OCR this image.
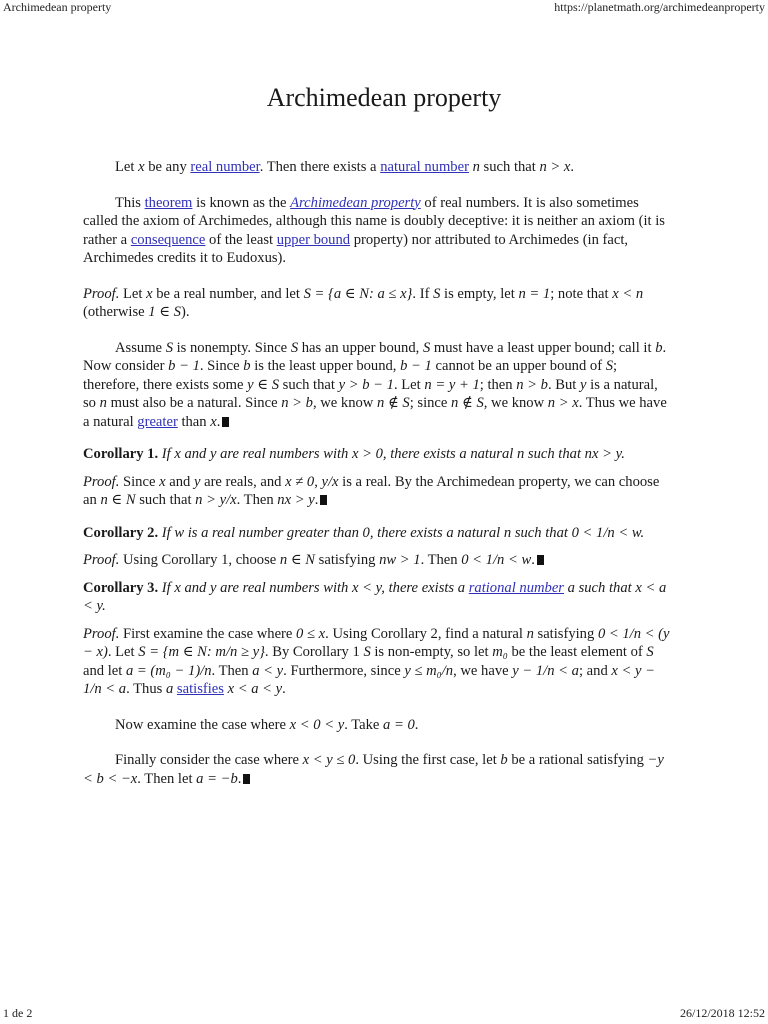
Archimedean property	https://planetmath.org/archimedeanproperty
Archimedean property

Let x be any real number. Then there exists a natural number n such that n > x.

This theorem is known as the Archimedean property of real numbers. It is also sometimes called the axiom of Archimedes, although this name is doubly deceptive: it is neither an axiom (it is rather a consequence of the least upper bound property) nor attributed to Archimedes (in fact, Archimedes credits it to Eudoxus).

Proof. Let x be a real number, and let S = {a ∈ N: a ≤ x}. If S is empty, let n = 1; note that x < n (otherwise 1 ∈ S).

Assume S is nonempty. Since S has an upper bound, S must have a least upper bound; call it b. Now consider b − 1. Since b is the least upper bound, b − 1 cannot be an upper bound of S; therefore, there exists some y ∈ S such that y > b − 1. Let n = y + 1; then n > b. But y is a natural, so n must also be a natural. Since n > b, we know n ∉ S; since n ∉ S, we know n > x. Thus we have a natural greater than x.

Corollary 1. If x and y are real numbers with x > 0, there exists a natural n such that nx > y.

Proof. Since x and y are reals, and x ≠ 0, y/x is a real. By the Archimedean property, we can choose an n ∈ N such that n > y/x. Then nx > y.

Corollary 2. If w is a real number greater than 0, there exists a natural n such that 0 < 1/n < w.

Proof. Using Corollary 1, choose n ∈ N satisfying nw > 1. Then 0 < 1/n < w.

Corollary 3. If x and y are real numbers with x < y, there exists a rational number a such that x < a < y.

Proof. First examine the case where 0 ≤ x. Using Corollary 2, find a natural n satisfying 0 < 1/n < (y − x). Let S = {m ∈ N: m/n ≥ y}. By Corollary 1 S is non-empty, so let m₀ be the least element of S and let a = (m₀ − 1)/n. Then a < y. Furthermore, since y ≤ m₀/n, we have y − 1/n < a; and x < y − 1/n < a. Thus a satisfies x < a < y.

Now examine the case where x < 0 < y. Take a = 0.

Finally consider the case where x < y ≤ 0. Using the first case, let b be a rational satisfying −y < b < −x. Then let a = −b.

1 de 2	26/12/2018 12:52
